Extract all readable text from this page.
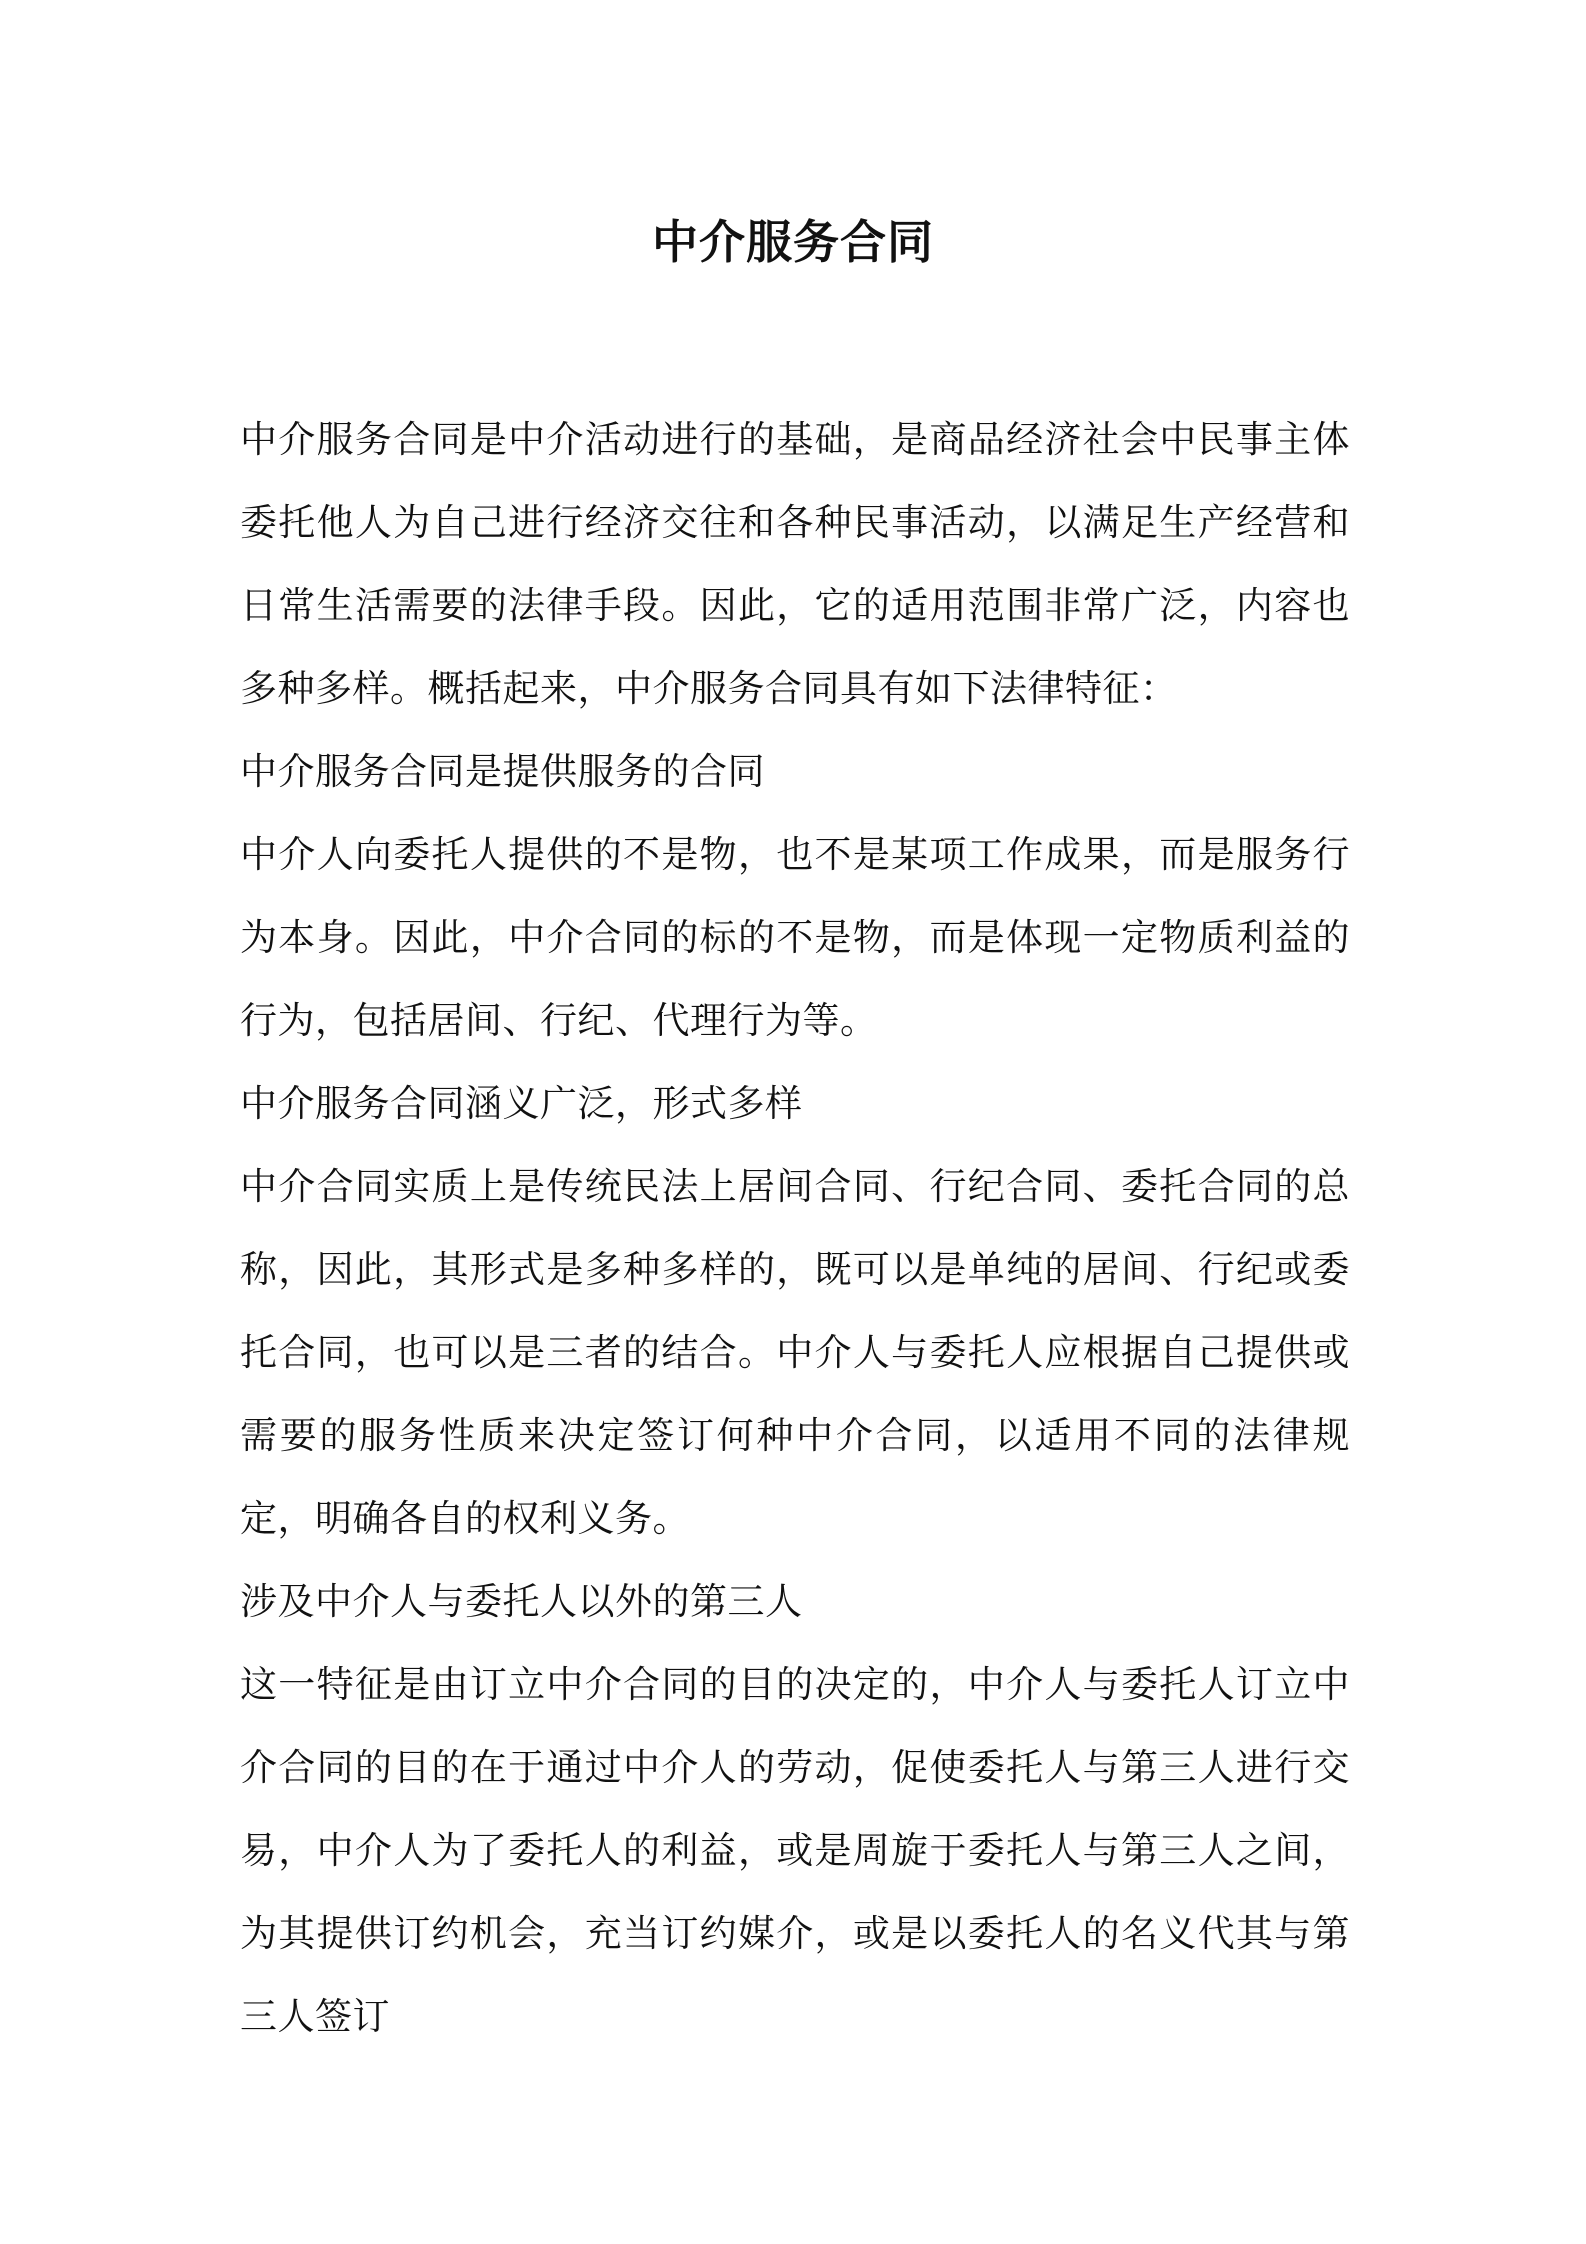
中介服务合同

中介服务合同是中介活动进行的基础，是商品经济社会中民事主体委托他人为自己进行经济交往和各种民事活动，以满足生产经营和日常生活需要的法律手段。因此，它的适用范围非常广泛，内容也多种多样。概括起来，中介服务合同具有如下法律特征：

中介服务合同是提供服务的合同

中介人向委托人提供的不是物，也不是某项工作成果，而是服务行为本身。因此，中介合同的标的不是物，而是体现一定物质利益的行为，包括居间、行纪、代理行为等。

中介服务合同涵义广泛，形式多样

中介合同实质上是传统民法上居间合同、行纪合同、委托合同的总称，因此，其形式是多种多样的，既可以是单纯的居间、行纪或委托合同，也可以是三者的结合。中介人与委托人应根据自己提供或需要的服务性质来决定签订何种中介合同，以适用不同的法律规定，明确各自的权利义务。

涉及中介人与委托人以外的第三人

这一特征是由订立中介合同的目的决定的，中介人与委托人订立中介合同的目的在于通过中介人的劳动，促使委托人与第三人进行交易，中介人为了委托人的利益，或是周旋于委托人与第三人之间，为其提供订约机会，充当订约媒介，或是以委托人的名义代其与第三人签订
